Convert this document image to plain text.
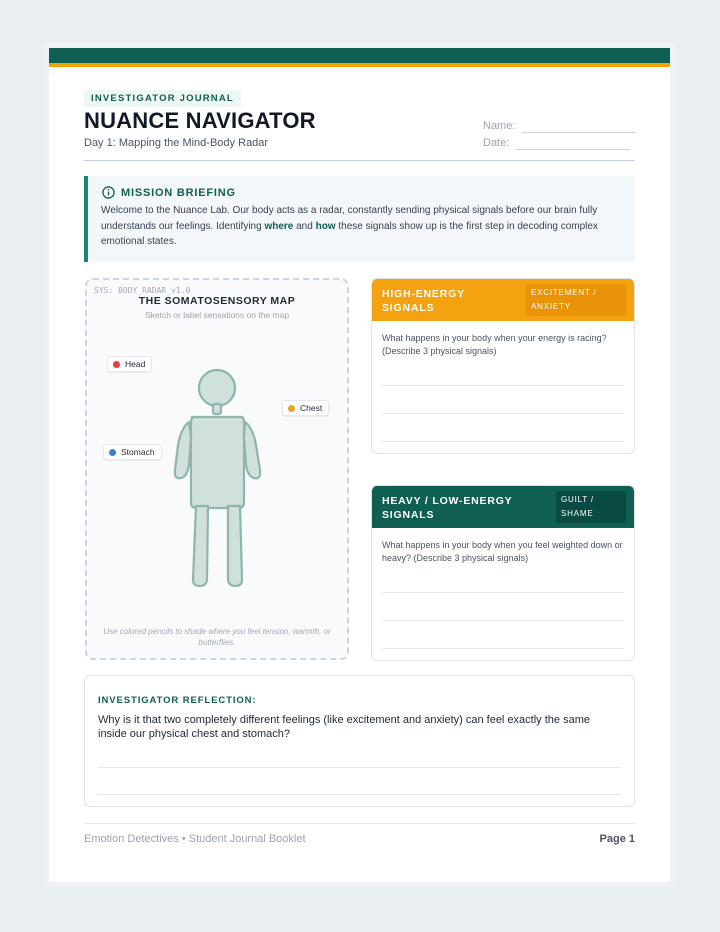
INVESTIGATOR JOURNAL
NUANCE NAVIGATOR
Day 1: Mapping the Mind-Body Radar
Name:
Date:
MISSION BRIEFING
Welcome to the Nuance Lab. Our body acts as a radar, constantly sending physical signals before our brain fully understands our feelings. Identifying where and how these signals show up is the first step in decoding complex emotional states.
SYS: BODY_RADAR_v1.0
THE SOMATOSENSORY MAP
Sketch or label sensations on the map
Head
Chest
Stomach
Use colored pencils to shade where you feel tension, warmth, or butterflies.
HIGH-ENERGY
SIGNALS
EXCITEMENT /
ANXIETY
What happens in your body when your energy is racing? (Describe 3 physical signals)
HEAVY / LOW-ENERGY
SIGNALS
GUILT /
SHAME
What happens in your body when you feel weighted down or heavy? (Describe 3 physical signals)
INVESTIGATOR REFLECTION:
Why is it that two completely different feelings (like excitement and anxiety) can feel exactly the same inside our physical chest and stomach?
Emotion Detectives • Student Journal Booklet	Page 1
